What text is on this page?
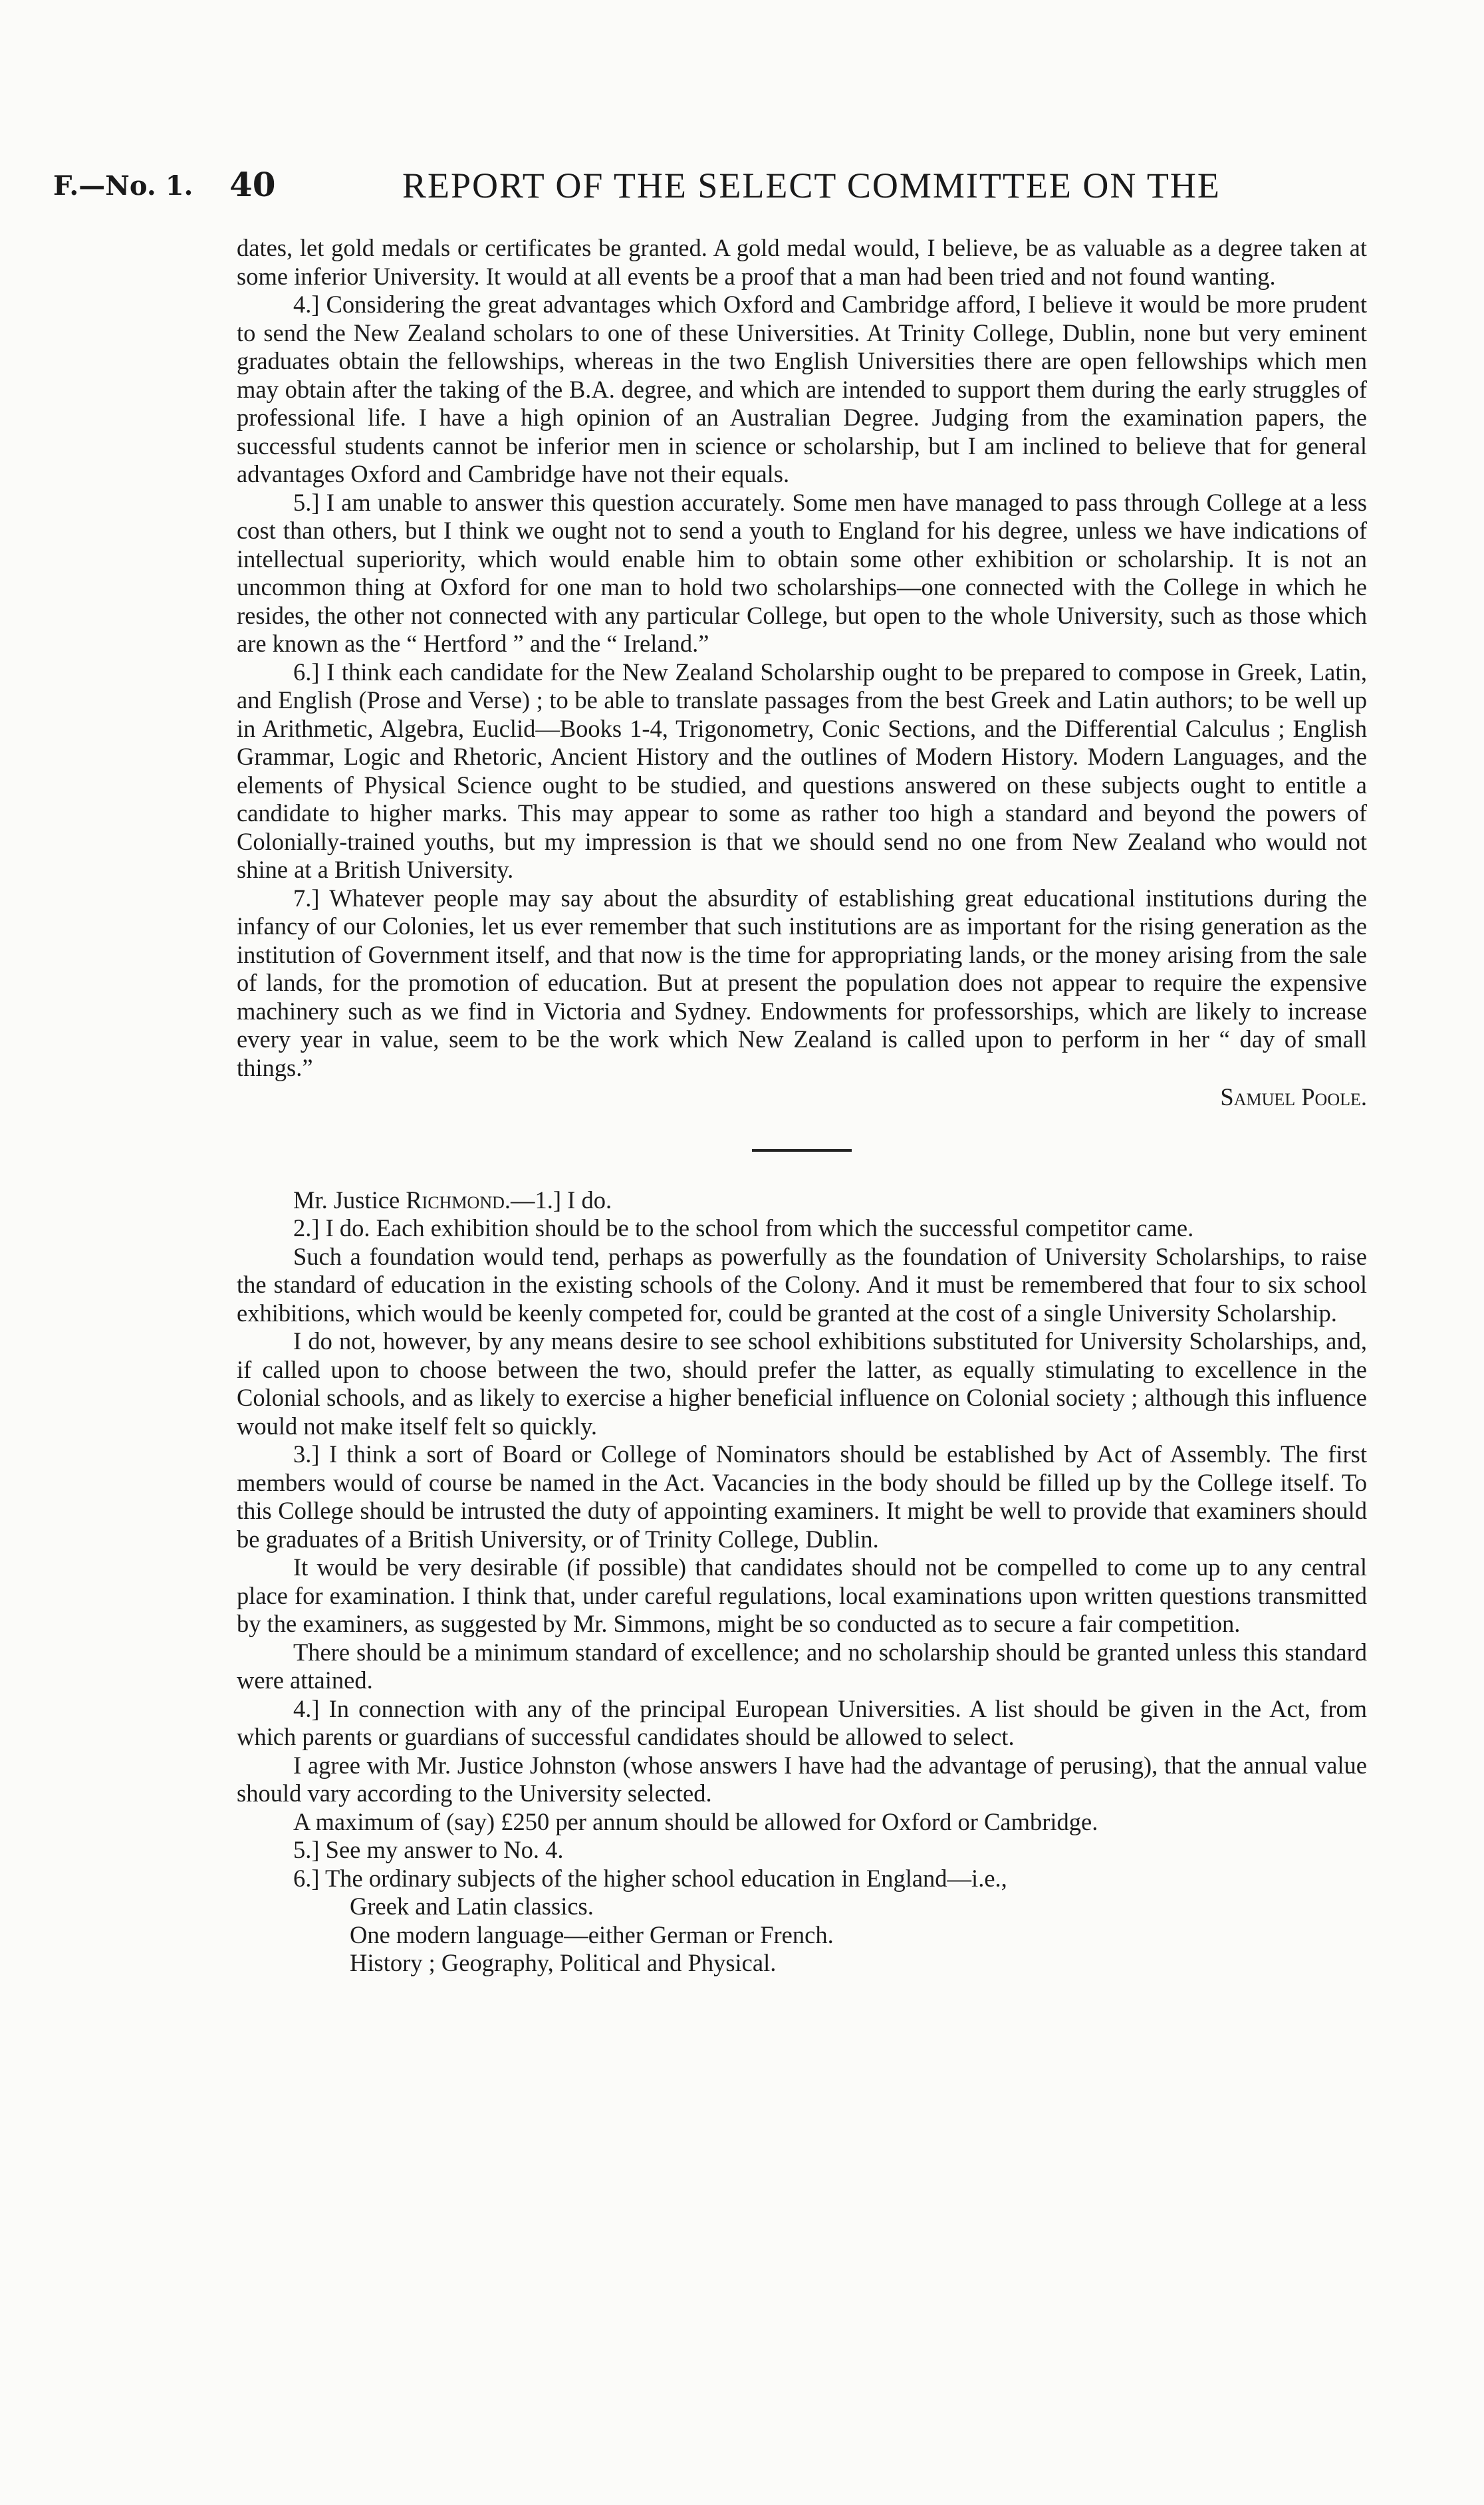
F.—No. 1. 40	REPORT OF THE SELECT COMMITTEE ON THE

dates, let gold medals or certificates be granted. A gold medal would, I believe, be as valuable as a degree taken at some inferior University. It would at all events be a proof that a man had been tried and not found wanting.

4.] Considering the great advantages which Oxford and Cambridge afford, I believe it would be more prudent to send the New Zealand scholars to one of these Universities. At Trinity College, Dublin, none but very eminent graduates obtain the fellowships, whereas in the two English Universities there are open fellowships which men may obtain after the taking of the B.A. degree, and which are intended to support them during the early struggles of professional life. I have a high opinion of an Australian Degree. Judging from the examination papers, the successful students cannot be inferior men in science or scholarship, but I am inclined to believe that for general advantages Oxford and Cambridge have not their equals.

5.] I am unable to answer this question accurately. Some men have managed to pass through College at a less cost than others, but I think we ought not to send a youth to England for his degree, unless we have indications of intellectual superiority, which would enable him to obtain some other exhibition or scholarship. It is not an uncommon thing at Oxford for one man to hold two scholarships—one connected with the College in which he resides, the other not connected with any particular College, but open to the whole University, such as those which are known as the “ Hertford ” and the “ Ireland.”

6.] I think each candidate for the New Zealand Scholarship ought to be prepared to compose in Greek, Latin, and English (Prose and Verse) ; to be able to translate passages from the best Greek and Latin authors; to be well up in Arithmetic, Algebra, Euclid—Books 1-4, Trigonometry, Conic Sections, and the Differential Calculus ; English Grammar, Logic and Rhetoric, Ancient History and the outlines of Modern History. Modern Languages, and the elements of Physical Science ought to be studied, and questions answered on these subjects ought to entitle a candidate to higher marks. This may appear to some as rather too high a standard and beyond the powers of Colonially-trained youths, but my impression is that we should send no one from New Zealand who would not shine at a British University.

7.] Whatever people may say about the absurdity of establishing great educational institutions during the infancy of our Colonies, let us ever remember that such institutions are as important for the rising generation as the institution of Government itself, and that now is the time for appropriating lands, or the money arising from the sale of lands, for the promotion of education. But at present the population does not appear to require the expensive machinery such as we find in Victoria and Sydney. Endowments for professorships, which are likely to increase every year in value, seem to be the work which New Zealand is called upon to perform in her “ day of small things.”

Samuel Poole.

Mr. Justice Richmond.—1.] I do.

2.] I do. Each exhibition should be to the school from which the successful competitor came.

Such a foundation would tend, perhaps as powerfully as the foundation of University Scholarships, to raise the standard of education in the existing schools of the Colony. And it must be remembered that four to six school exhibitions, which would be keenly competed for, could be granted at the cost of a single University Scholarship.

I do not, however, by any means desire to see school exhibitions substituted for University Scholarships, and, if called upon to choose between the two, should prefer the latter, as equally stimulating to excellence in the Colonial schools, and as likely to exercise a higher beneficial influence on Colonial society ; although this influence would not make itself felt so quickly.

3.] I think a sort of Board or College of Nominators should be established by Act of Assembly. The first members would of course be named in the Act. Vacancies in the body should be filled up by the College itself. To this College should be intrusted the duty of appointing examiners. It might be well to provide that examiners should be graduates of a British University, or of Trinity College, Dublin.

It would be very desirable (if possible) that candidates should not be compelled to come up to any central place for examination. I think that, under careful regulations, local examinations upon written questions transmitted by the examiners, as suggested by Mr. Simmons, might be so conducted as to secure a fair competition.

There should be a minimum standard of excellence; and no scholarship should be granted unless this standard were attained.

4.] In connection with any of the principal European Universities. A list should be given in the Act, from which parents or guardians of successful candidates should be allowed to select.

I agree with Mr. Justice Johnston (whose answers I have had the advantage of perusing), that the annual value should vary according to the University selected.

A maximum of (say) £250 per annum should be allowed for Oxford or Cambridge.

5.] See my answer to No. 4.

6.] The ordinary subjects of the higher school education in England—i.e.,

Greek and Latin classics.

One modern language—either German or French.

History ; Geography, Political and Physical.
